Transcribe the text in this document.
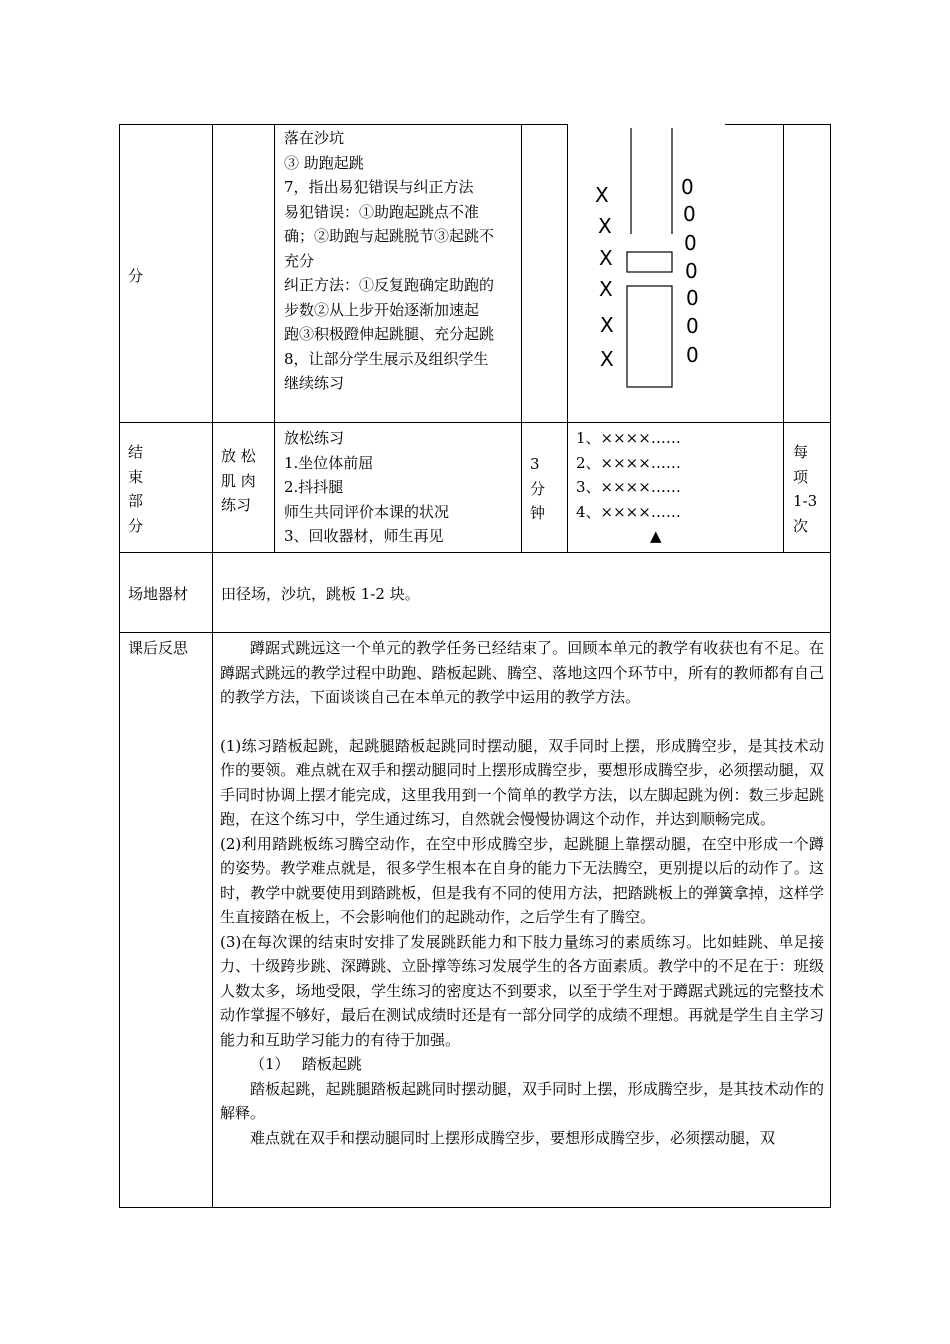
分
落在沙坑
③ 助跑起跳
7，指出易犯错误与纠正方法
易犯错误：①助跑起跳点不准
确；②助跑与起跳脱节③起跳不
充分
纠正方法：①反复跑确定助跑的
步数②从上步开始逐渐加速起
跑③积极蹬伸起跳腿、充分起跳
8，让部分学生展示及组织学生
继续练习
X
X
X
X
X
X
0
0
0
0
0
0
0
结
束
部
分
放 松
肌 肉
练习
放松练习
1.坐位体前屈
2.抖抖腿
师生共同评价本课的状况
3、回收器材，师生再见
3
分
钟
1、××××……
2、××××……
3、××××……
4、××××……
▲
每
项
1-3
次
场地器材 田径场，沙坑，跳板 1-2 块。
课后反思	蹲踞式跳远这一个单元的教学任务已经结束了。回顾本单元的教学有收获也有不足。在蹲踞式跳远的教学过程中助跑、踏板起跳、腾空、落地这四个环节中，所有的教师都有自己的教学方法，下面谈谈自己在本单元的教学中运用的教学方法。

(1)练习踏板起跳，起跳腿踏板起跳同时摆动腿，双手同时上摆，形成腾空步，是其技术动作的要领。难点就在双手和摆动腿同时上摆形成腾空步，要想形成腾空步，必须摆动腿，双手同时协调上摆才能完成，这里我用到一个简单的教学方法，以左脚起跳为例：数三步起跳跑，在这个练习中，学生通过练习，自然就会慢慢协调这个动作，并达到顺畅完成。

(2)利用踏跳板练习腾空动作，在空中形成腾空步，起跳腿上靠摆动腿，在空中形成一个蹲的姿势。教学难点就是，很多学生根本在自身的能力下无法腾空，更别提以后的动作了。这时，教学中就要使用到踏跳板，但是我有不同的使用方法，把踏跳板上的弹簧拿掉，这样学生直接踏在板上，不会影响他们的起跳动作，之后学生有了腾空。

(3)在每次课的结束时安排了发展跳跃能力和下肢力量练习的素质练习。比如蛙跳、单足接力、十级跨步跳、深蹲跳、立卧撑等练习发展学生的各方面素质。教学中的不足在于：班级人数太多，场地受限，学生练习的密度达不到要求，以至于学生对于蹲踞式跳远的完整技术动作掌握不够好，最后在测试成绩时还是有一部分同学的成绩不理想。再就是学生自主学习能力和互助学习能力的有待于加强。

（1）　 踏板起跳

踏板起跳，起跳腿踏板起跳同时摆动腿，双手同时上摆，形成腾空步，是其技术动作的解释。

难点就在双手和摆动腿同时上摆形成腾空步，要想形成腾空步，必须摆动腿，双
